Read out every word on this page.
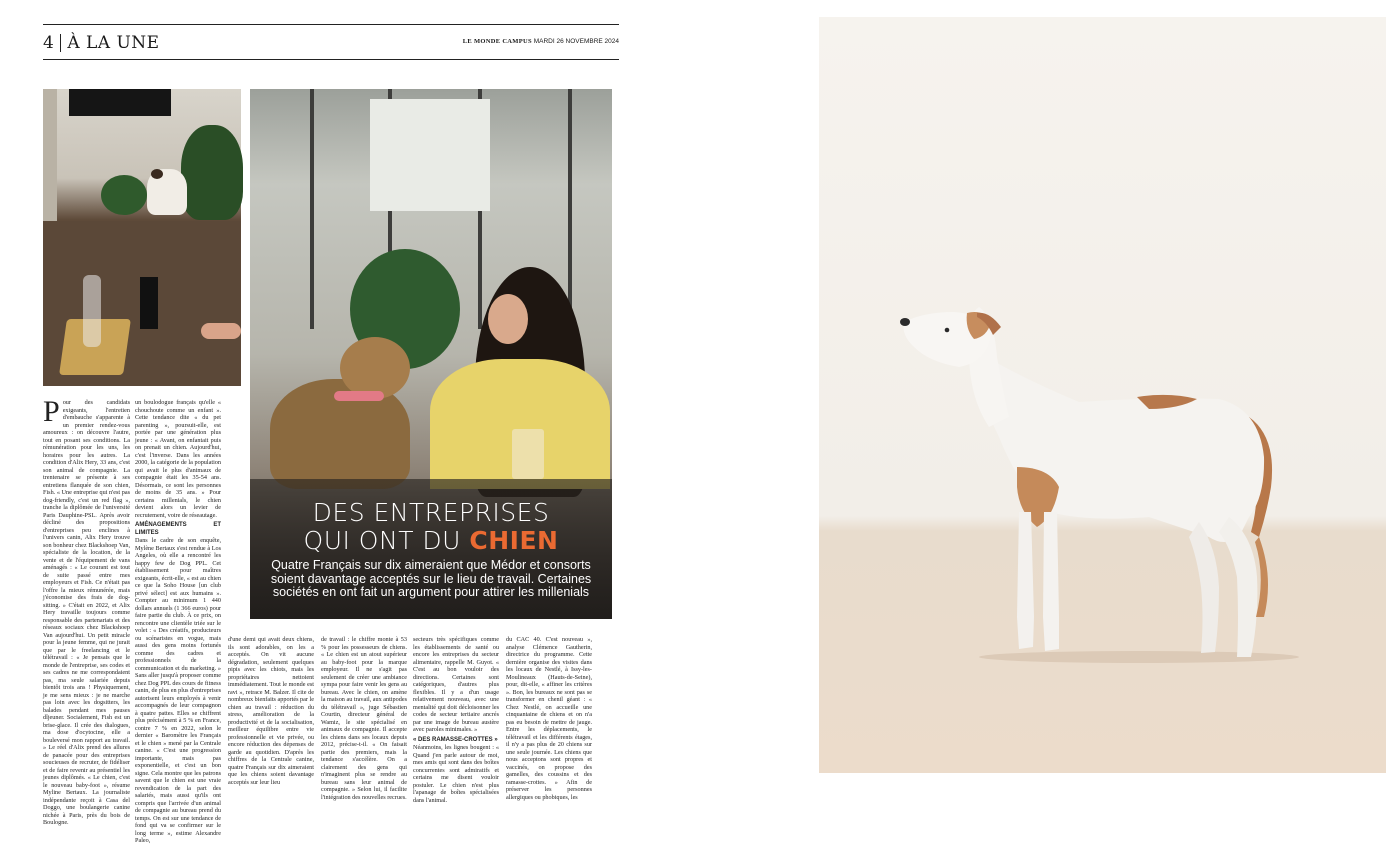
4 À LA UNE	LE MONDE CAMPUS MARDI 26 NOVEMBRE 2024
DES ENTREPRISES
QUI ONT DU CHIEN
Quatre Français sur dix aimeraient que Médor et consorts soient davantage acceptés sur le lieu de travail. Certaines sociétés en ont fait un argument pour attirer les millenials
P our des candidats exigeants, l'entretien d'embauche s'apparente à un premier rendez-vous amoureux : on découvre l'autre, tout en posant ses conditions. La rémunération pour les uns, les horaires pour les autres. La condition d'Alix Hery, 33 ans, c'est son animal de compagnie. La trentenaire se présente à ses entretiens flanquée de son chien, Fish. « Une entreprise qui n'est pas dog-friendly, c'est un red flag », tranche la diplômée de l'université Paris Dauphine-PSL. Après avoir décliné des propositions d'entreprises peu enclines à l'univers canin, Alix Hery trouve son bonheur chez Blackshoep Van, spécialiste de la location, de la vente et de l'équipement de vans aménagés : « Le courant est tout de suite passé entre mes employeurs et Fish. Ce n'était pas l'offre la mieux rémunérée, mais j'économise des frais de dog-sitting. » C'était en 2022, et Alix Hery travaille toujours comme responsable des partenariats et des réseaux sociaux chez Blackshoep Van aujourd'hui. Un petit miracle pour la jeune femme, qui ne jurait que par le freelancing et le télétravail : « Je pensais que le monde de l'entreprise, ses codes et ses cadres ne me correspondaient pas, ma seule salariée depuis bientôt trois ans ! Physiquement, je me sens mieux : je ne marche pas loin avec les dogsitters, les balades pendant mes pauses dîjeuner. Socialement, Fish est un brise-glace. Il crée des dialogues, ma dose d'ocytocine, elle a bouleversé mon rapport au travail. » Le réel d'Alix prend des allures de panacée pour des entreprises soucieuses de recruter, de fidéliser et de faire revenir au présentiel les jeunes diplômés. « Le chien, c'est le nouveau baby-foot », résume Myline Bertaux. La journaliste indépendante reçoit à Casa del Doggo, une boulangerie canine nichée à Paris, près du bois de Boulogne.

un boulodogue français qu'elle « chouchoute comme un enfant ». Cette tendance dite « du pet parenting », poursuit-elle, est portée par une génération plus jeune : « Avant, on enfantait puis on prenait un chien. Aujourd'hui, c'est l'inverse. Dans les années 2000, la catégorie de la population qui avait le plus d'animaux de compagnie était les 35-54 ans. Désormais, ce sont les personnes de moins de 35 ans. » Pour certains millenials, le chien devient alors un levier de recrutement, voire de réseautage.

AMÉNAGEMENTS ET LIMITES

Dans le cadre de son enquête, Mylène Bertaux s'est rendue à Los Angeles, où elle a rencontré les happy few de Dog PPL. Cet établissement pour maîtres exigeants, écrit-elle, « est au chien ce que la Soho House [un club privé sélect] est aux humains ». Compter au minimum 1 440 dollars annuels (1 366 euros) pour faire partie du club. À ce prix, on rencontre une clientèle triée sur le volet : « Des créatifs, producteurs ou scénaristes en vogue, mais aussi des gens moins fortunés comme des cadres et professionnels de la communication et du marketing. » Sans aller jusqu'à proposer comme chez Dog PPL des cours de fitness canin, de plus en plus d'entreprises autorisent leurs employés à venir accompagnés de leur compagnon à quatre pattes. Elles se chiffrent plus précisément à 5 % en France, contre 7 % en 2022, selon le dernier « Baromètre les Français et le chien » mené par la Centrale canine. « C'est une progression importante, mais pas exponentielle, et c'est un bon signe. Cela montre que les patrons savent que le chien est une vraie revendication de la part des salariés, mais aussi qu'ils ont compris que l'arrivée d'un animal de compagnie au bureau prend du temps. On est sur une tendance de fond qui va se confirmer sur le long terme », estime Alexandre Paleo,

d'une demi qui avait deux chiens, ils sont adorables, on les a acceptés. On vit aucune dégradation, seulement quelques pipis avec les chiots, mais les propriétaires nettoient immédiatement. Tout le monde est ravi », retrace M. Balzer. Il cite de nombreux bienfaits apportés par le chien au travail : réduction du stress, amélioration de la productivité et de la socialisation, meilleur équilibre entre vie professionnelle et vie privée, ou encore réduction des dépenses de garde au quotidien. D'après les chiffres de la Centrale canine, quatre Français sur dix aimeraient que les chiens soient davantage acceptés sur leur lieu

de travail : le chiffre monte à 53 % pour les possesseurs de chiens. « Le chien est un atout supérieur au baby-foot pour la marque employeur. Il ne s'agit pas seulement de créer une ambiance sympa pour faire venir les gens au bureau. Avec le chien, on amène la maison au travail, aux antipodes du télétravail », juge Sébastien Courtin, directeur général de Wamiz, le site spécialisé en animaux de compagnie. Il accepte les chiens dans ses locaux depuis 2012, précise-t-il. « On faisait partie des premiers, mais la tendance s'accélère. On a clairement des gens qui n'imaginent plus se rendre au bureau sans leur animal de compagnie. » Selon lui, il facilite l'intégration des nouvelles recrues.

secteurs très spécifiques comme les établissements de santé ou encore les entreprises du secteur alimentaire, rappelle M. Guyot. « C'est au bon vouloir des directions. Certaines sont catégoriques, d'autres plus flexibles. Il y a d'un usage relativement nouveau, avec une mentalité qui doit décloisonner les codes de secteur tertiaire ancrés par une image de bureau austère avec paroles minimales. »

« DES RAMASSE-CROTTES »

Néanmoins, les lignes bougent : « Quand j'en parle autour de moi, mes amis qui sont dans des boîtes concurrentes sont admiratifs et certains me disent vouloir postuler. Le chien n'est plus l'apanage de boîtes spécialisées dans l'animal.

du CAC 40. C'est nouveau », analyse Clémence Gautherin, directrice du programme. Cette dernière organise des visites dans les locaux de Nestlé, à Issy-les-Moulineaux (Hauts-de-Seine), pour, dit-elle, « affiner les critères ». Bon, les bureaux ne sont pas se transformer en chenil géant : « Chez Nestlé, on accueille une cinquantaine de chiens et on n'a pas eu besoin de mettre de jauge. Entre les déplacements, le télétravail et les différents étages, il n'y a pas plus de 20 chiens sur une seule journée. Les chiens que nous acceptons sont propres et vaccinés, on propose des gamelles, des coussins et des ramasse-crottes. » Afin de préserver les personnes allergiques ou phobiques, les
